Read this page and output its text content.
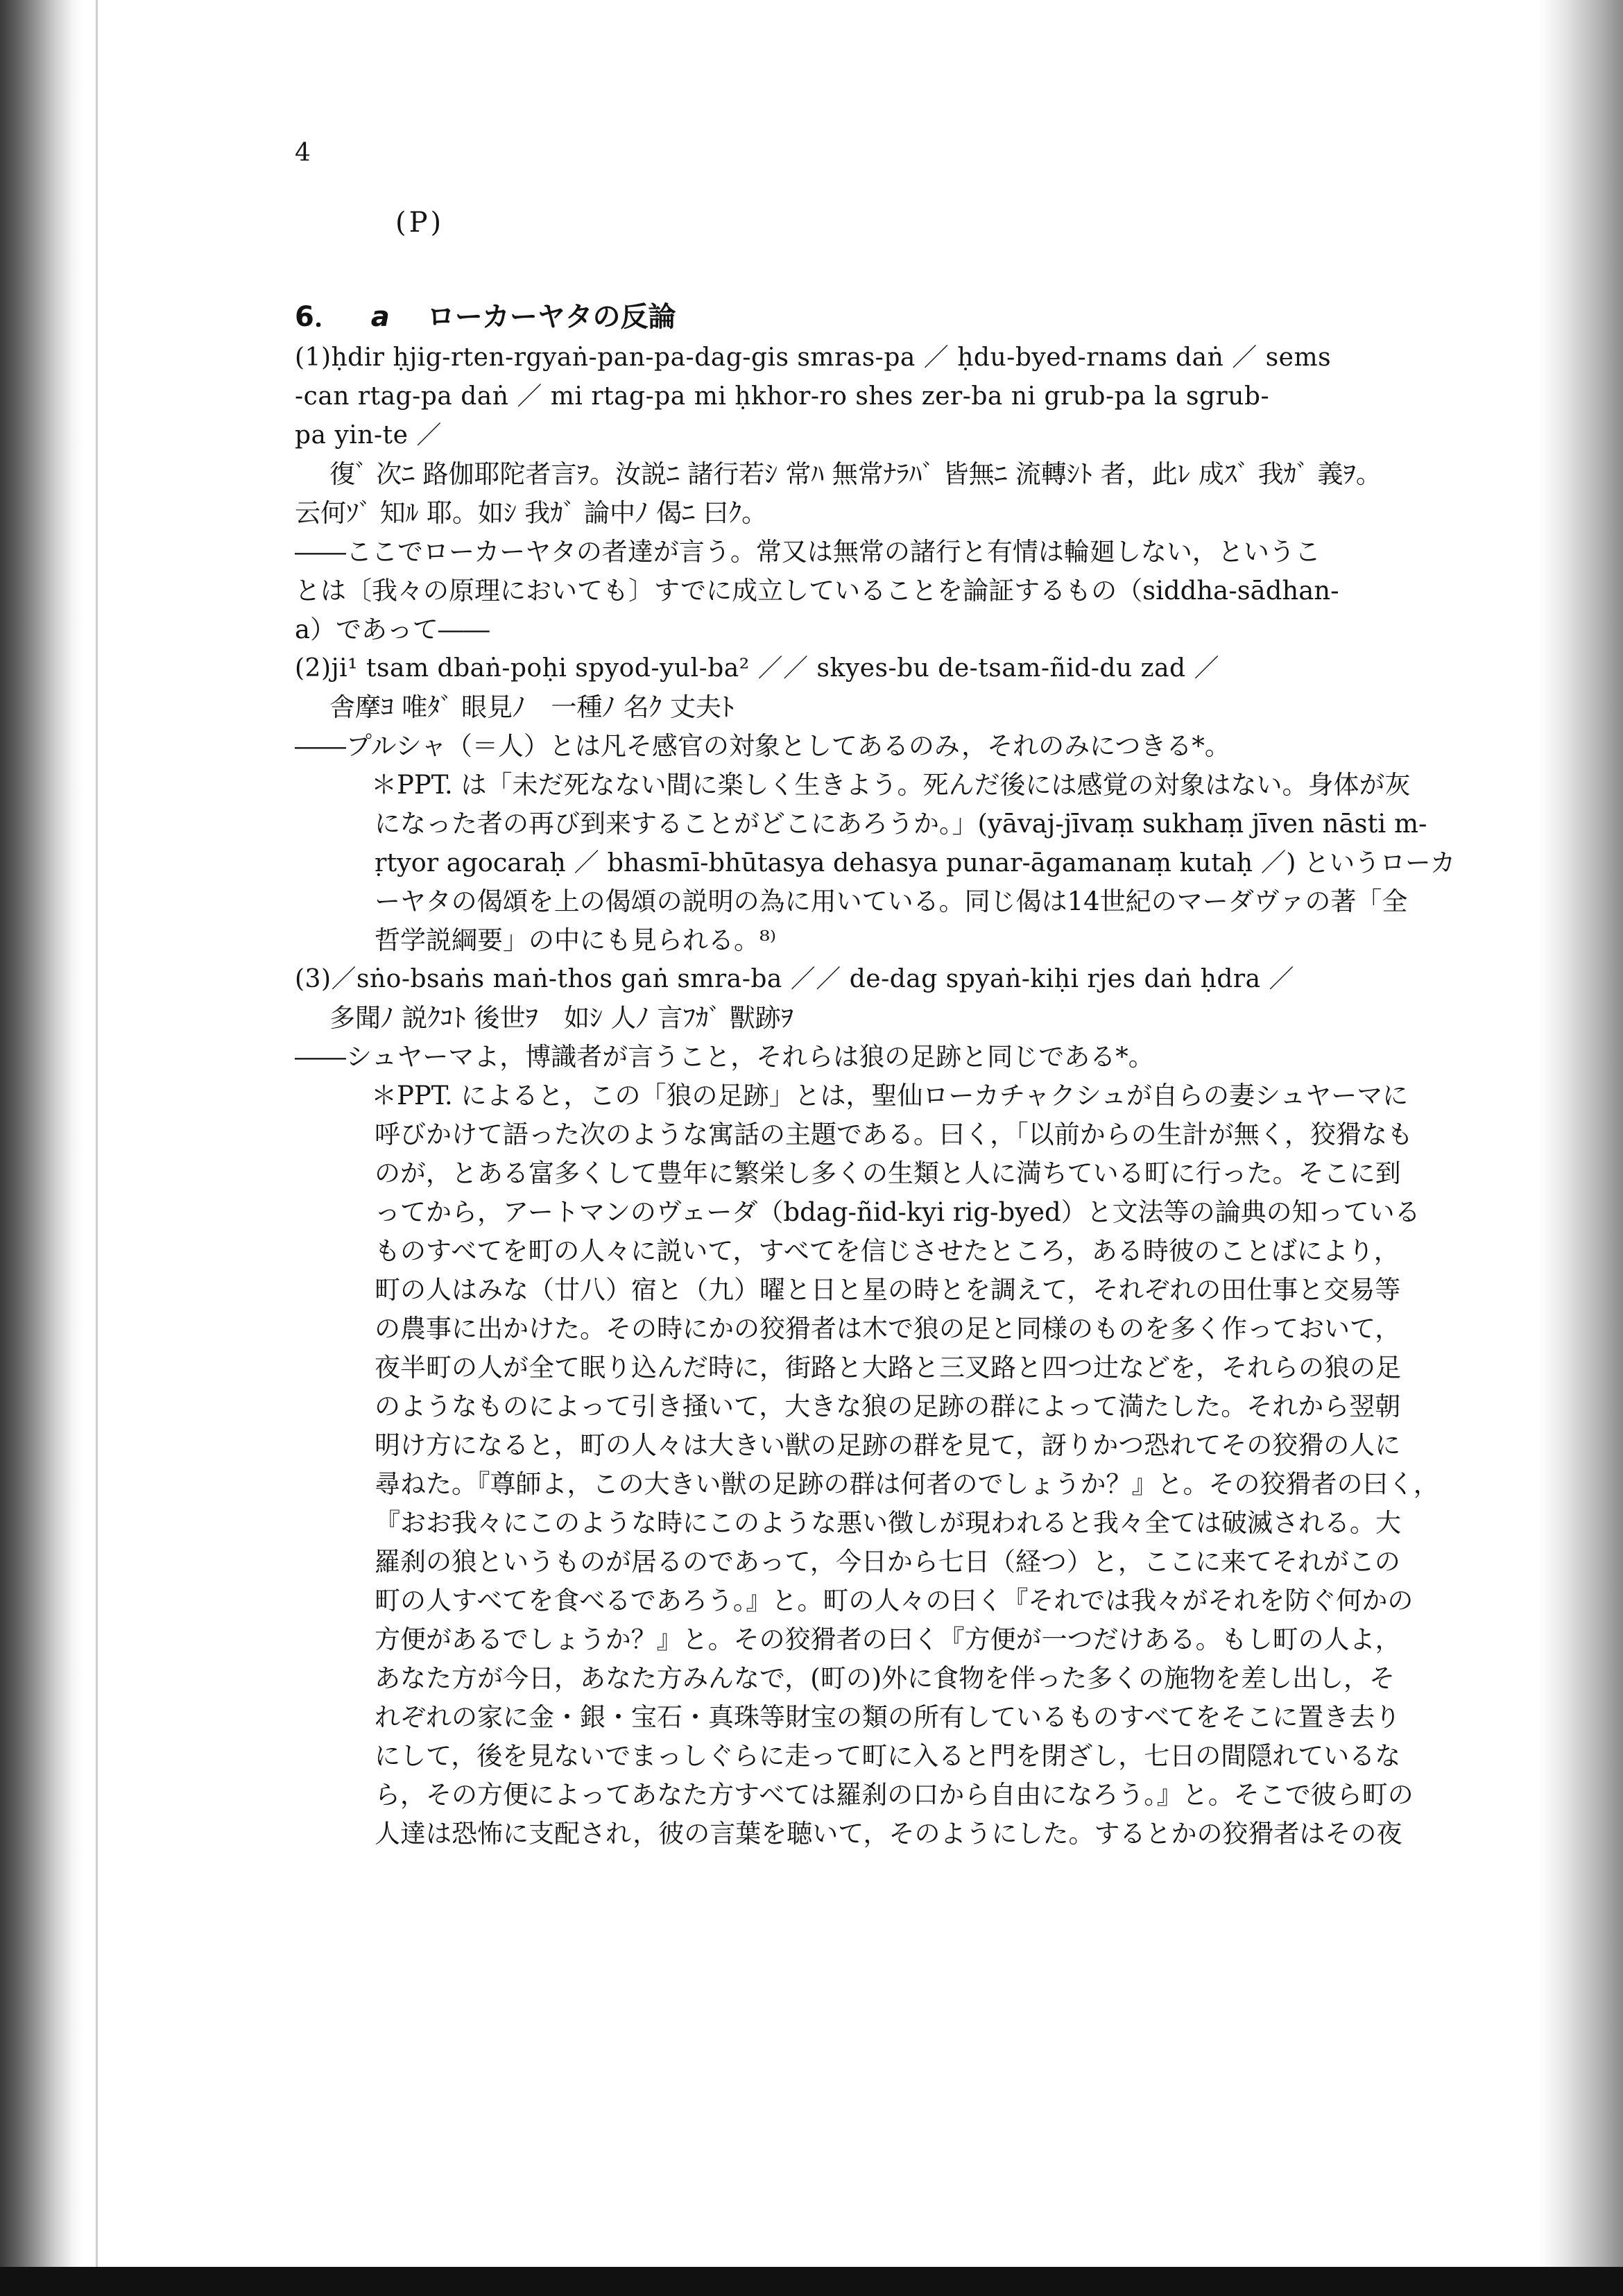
4
(P)
6． a ローカーヤタの反論
(1)ḥdir ḥjig-rten-rgyaṅ-pan-pa-dag-gis smras-pa ／ ḥdu-byed-rnams daṅ ／ sems
-can rtag-pa daṅ ／ mi rtag-pa mi ḥkhor-ro shes zer-ba ni grub-pa la sgrub-
pa yin-te ／
復ﾞ 次ﾆ 路伽耶陀者言ｦ。汝説ﾆ 諸行若ｼ 常ﾊ 無常ﾅﾗﾊﾞ 皆無ﾆ 流轉ｼﾄ 者，此ﾚ 成ｽﾞ 我ｶﾞ 義ｦ。
云何ｿﾞ 知ﾙ 耶。如ｼ 我ｶﾞ 論中ﾉ 偈ﾆ 曰ｸ。
――ここでローカーヤタの者達が言う。常又は無常の諸行と有情は輪廻しない，というこ
とは〔我々の原理においても〕すでに成立していることを論証するもの（siddha-sādhan-
a）であって――
(2)ji¹ tsam dbaṅ-poḥi spyod-yul-ba² ／／ skyes-bu de-tsam-ñid-du zad ／
舎摩ﾖ 唯ﾀﾞ 眼見ﾉ　一種ﾉ 名ｸ 丈夫ﾄ
――プルシャ（＝人）とは凡そ感官の対象としてあるのみ，それのみにつきる*。
＊PPT. は「未だ死なない間に楽しく生きよう。死んだ後には感覚の対象はない。身体が灰
になった者の再び到来することがどこにあろうか。」(yāvaj-jīvaṃ sukhaṃ jīven nāsti m-
ṛtyor agocaraḥ ／ bhasmī-bhūtasya dehasya punar-āgamanaṃ kutaḥ ／) というローカ
ーヤタの偈頌を上の偈頌の説明の為に用いている。同じ偈は14世紀のマーダヴァの著「全
哲学説綱要」の中にも見られる。⁸⁾
(3)／sṅo-bsaṅs maṅ-thos gaṅ smra-ba ／／ de-dag spyaṅ-kiḥi rjes daṅ ḥdra ／
多聞ﾉ 説ｸｺﾄ 後世ｦ　如ｼ 人ﾉ 言ﾌｶﾞ 獸跡ｦ
――シュヤーマよ，博識者が言うこと，それらは狼の足跡と同じである*。
＊PPT. によると，この「狼の足跡」とは，聖仙ローカチャクシュが自らの妻シュヤーマに
呼びかけて語った次のような寓話の主題である。曰く，「以前からの生計が無く，狡猾なも
のが，とある富多くして豊年に繁栄し多くの生類と人に満ちている町に行った。そこに到
ってから，アートマンのヴェーダ（bdag-ñid-kyi rig-byed）と文法等の論典の知っている
ものすべてを町の人々に説いて，すべてを信じさせたところ，ある時彼のことばにより，
町の人はみな（廿八）宿と（九）曜と日と星の時とを調えて，それぞれの田仕事と交易等
の農事に出かけた。その時にかの狡猾者は木で狼の足と同様のものを多く作っておいて，
夜半町の人が全て眠り込んだ時に，街路と大路と三叉路と四つ辻などを，それらの狼の足
のようなものによって引き掻いて，大きな狼の足跡の群によって満たした。それから翌朝
明け方になると，町の人々は大きい獣の足跡の群を見て，訝りかつ恐れてその狡猾の人に
尋ねた。『尊師よ，この大きい獣の足跡の群は何者のでしょうか？』と。その狡猾者の曰く，
『おお我々にこのような時にこのような悪い徴しが現われると我々全ては破滅される。大
羅刹の狼というものが居るのであって，今日から七日（経つ）と，ここに来てそれがこの
町の人すべてを食べるであろう。』と。町の人々の曰く『それでは我々がそれを防ぐ何かの
方便があるでしょうか？』と。その狡猾者の曰く『方便が一つだけある。もし町の人よ，
あなた方が今日，あなた方みんなで，(町の)外に食物を伴った多くの施物を差し出し，そ
れぞれの家に金・銀・宝石・真珠等財宝の類の所有しているものすべてをそこに置き去り
にして，後を見ないでまっしぐらに走って町に入ると門を閉ざし，七日の間隠れているな
ら，その方便によってあなた方すべては羅刹の口から自由になろう。』と。そこで彼ら町の
人達は恐怖に支配され，彼の言葉を聴いて，そのようにした。するとかの狡猾者はその夜
